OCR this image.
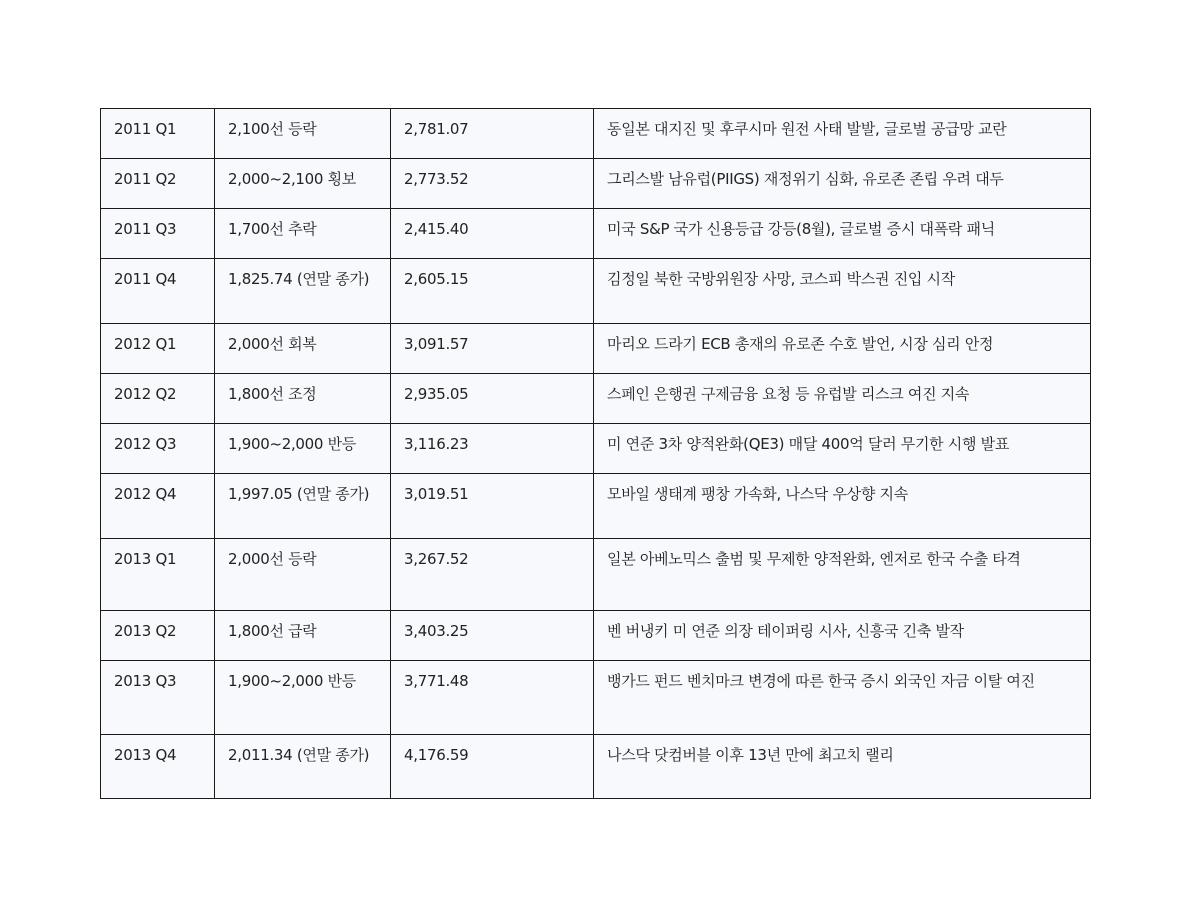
2011 Q1	2,100선 등락	2,781.07	동일본 대지진 및 후쿠시마 원전 사태 발발, 글로벌 공급망 교란
2011 Q2	2,000~2,100 횡보	2,773.52	그리스발 남유럽(PIIGS) 재정위기 심화, 유로존 존립 우려 대두
2011 Q3	1,700선 추락	2,415.40	미국 S&P 국가 신용등급 강등(8월), 글로벌 증시 대폭락 패닉
2011 Q4	1,825.74 (연말 종가)	2,605.15	김정일 북한 국방위원장 사망, 코스피 박스권 진입 시작
2012 Q1	2,000선 회복	3,091.57	마리오 드라기 ECB 총재의 유로존 수호 발언, 시장 심리 안정
2012 Q2	1,800선 조정	2,935.05	스페인 은행권 구제금융 요청 등 유럽발 리스크 여진 지속
2012 Q3	1,900~2,000 반등	3,116.23	미 연준 3차 양적완화(QE3) 매달 400억 달러 무기한 시행 발표
2012 Q4	1,997.05 (연말 종가)	3,019.51	모바일 생태계 팽창 가속화, 나스닥 우상향 지속
2013 Q1	2,000선 등락	3,267.52	일본 아베노믹스 출범 및 무제한 양적완화, 엔저로 한국 수출 타격
2013 Q2	1,800선 급락	3,403.25	벤 버냉키 미 연준 의장 테이퍼링 시사, 신흥국 긴축 발작
2013 Q3	1,900~2,000 반등	3,771.48	뱅가드 펀드 벤치마크 변경에 따른 한국 증시 외국인 자금 이탈 여진
2013 Q4	2,011.34 (연말 종가)	4,176.59	나스닥 닷컴버블 이후 13년 만에 최고치 랠리
